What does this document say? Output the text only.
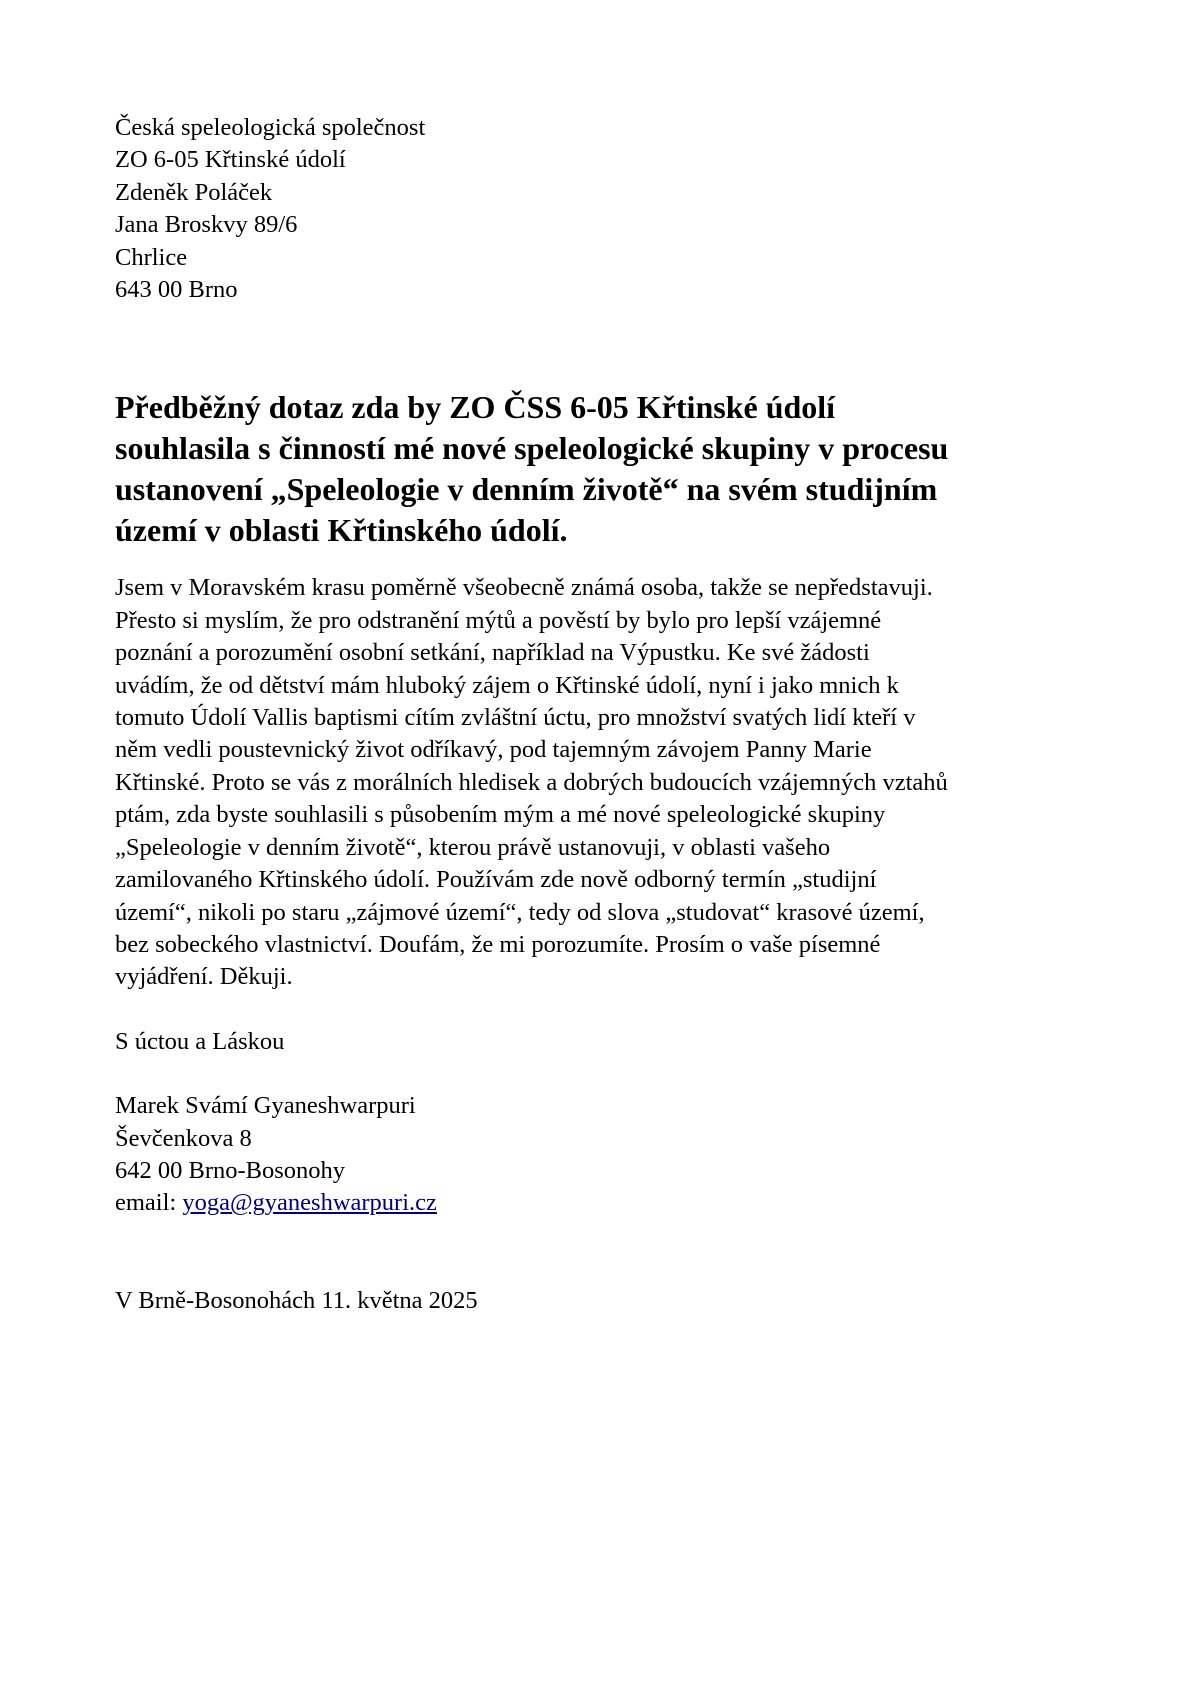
Česká speleologická společnost
ZO 6-05 Křtinské údolí
Zdeněk Poláček
Jana Broskvy 89/6
Chrlice
643 00 Brno
Předběžný dotaz zda by ZO ČSS 6-05 Křtinské údolí
souhlasila s činností mé nové speleologické skupiny v procesu
ustanovení „Speleologie v denním životě“ na svém studijním
území v oblasti Křtinského údolí.
Jsem v Moravském krasu poměrně všeobecně známá osoba, takže se nepředstavuji.
Přesto si myslím, že pro odstranění mýtů a pověstí by bylo pro lepší vzájemné
poznání a porozumění osobní setkání, například na Výpustku. Ke své žádosti
uvádím, že od dětství mám hluboký zájem o Křtinské údolí, nyní i jako mnich k
tomuto Údolí Vallis baptismi cítím zvláštní úctu, pro množství svatých lidí kteří v
něm vedli poustevnický život odříkavý, pod tajemným závojem Panny Marie
Křtinské. Proto se vás z morálních hledisek a dobrých budoucích vzájemných vztahů
ptám, zda byste souhlasili s působením mým a mé nové speleologické skupiny
„Speleologie v denním životě“, kterou právě ustanovuji, v oblasti vašeho
zamilovaného Křtinského údolí. Používám zde nově odborný termín „studijní
území“, nikoli po staru „zájmové území“, tedy od slova „studovat“ krasové území,
bez sobeckého vlastnictví. Doufám, že mi porozumíte. Prosím o vaše písemné
vyjádření. Děkuji.
S úctou a Láskou
Marek Svámí Gyaneshwarpuri
Ševčenkova 8
642 00 Brno-Bosonohy
email: yoga@gyaneshwarpuri.cz
V Brně-Bosonohách 11. května 2025
